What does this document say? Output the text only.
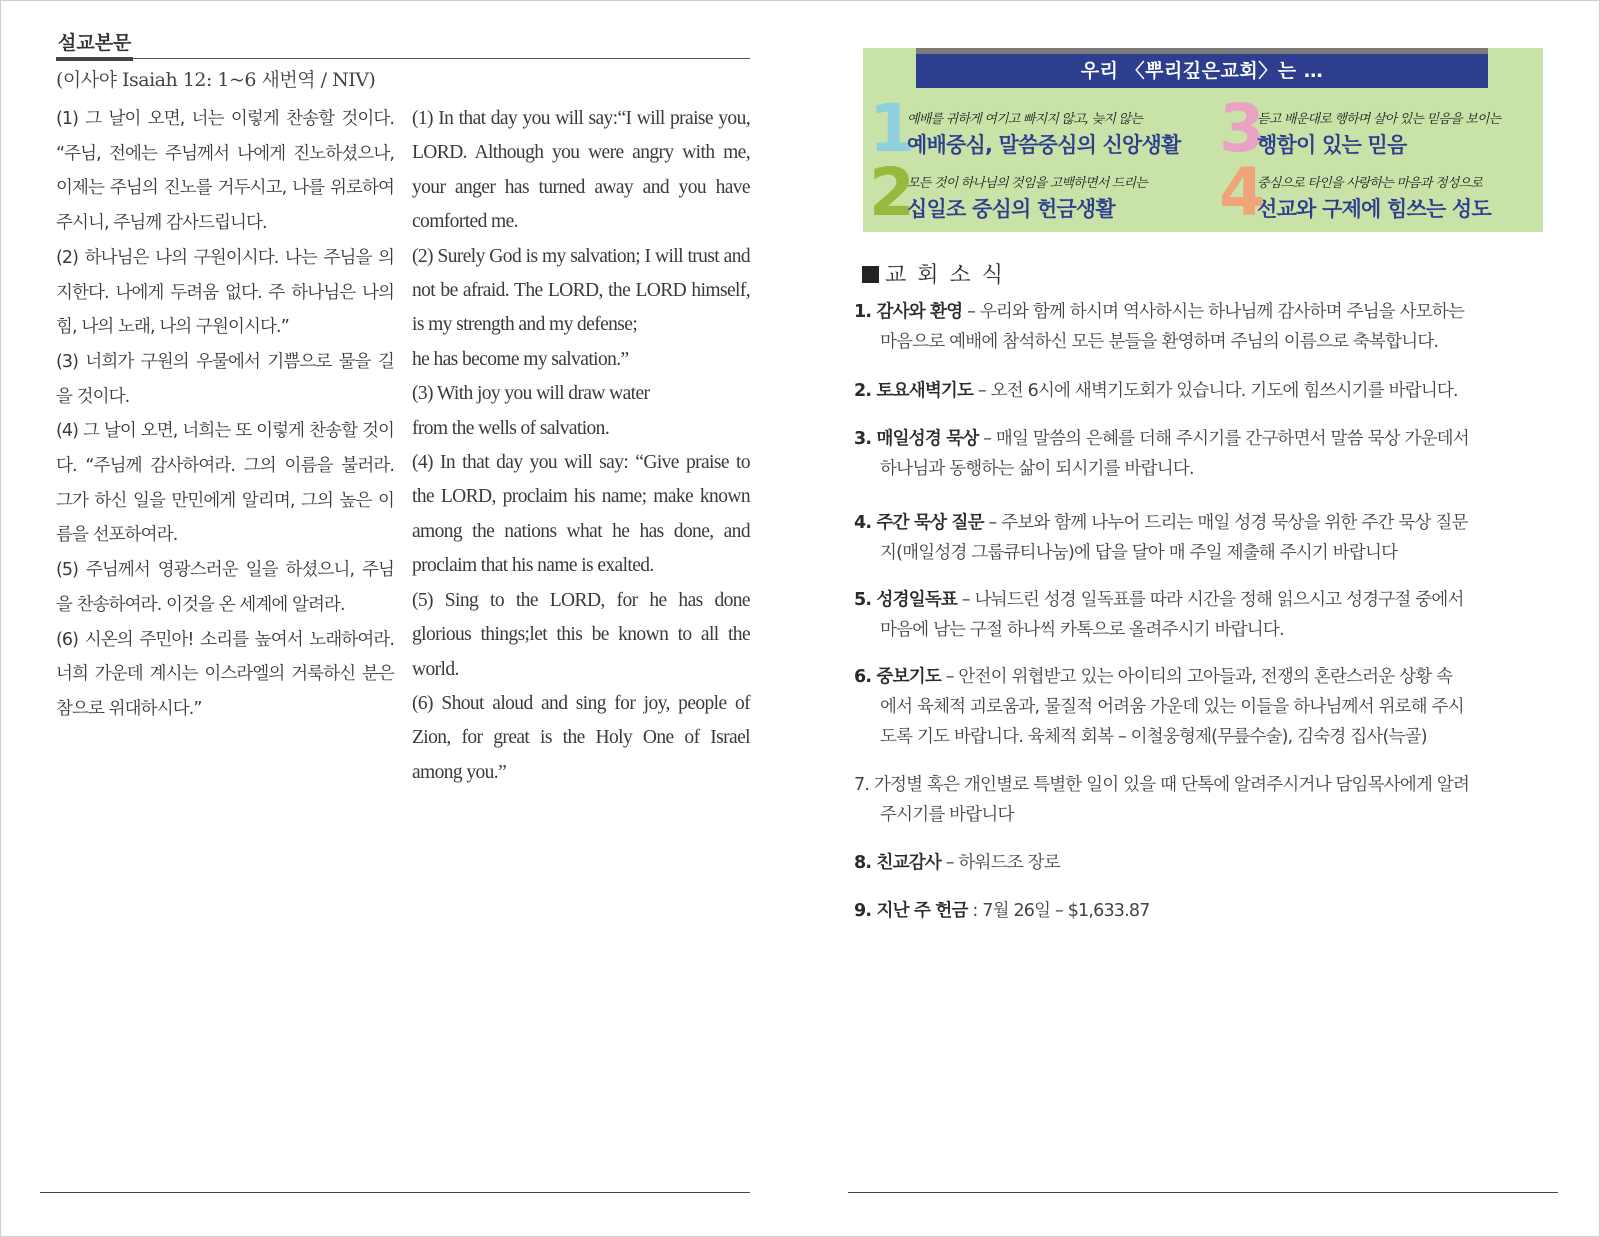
설교본문
(이사야 Isaiah 12: 1~6 새번역 / NIV)

(1) 그 날이 오면, 너는 이렇게 찬송할 것이다. “주님, 전에는 주님께서 나에게 진노하셨으나, 이제는 주님의 진노를 거두시고, 나를 위로하여 주시니, 주님께 감사드립니다.

(2) 하나님은 나의 구원이시다. 나는 주님을 의지한다. 나에게 두려움 없다. 주 하나님은 나의 힘, 나의 노래, 나의 구원이시다.”

(3) 너희가 구원의 우물에서 기쁨으로 물을 길을 것이다.

(4) 그 날이 오면, 너희는 또 이렇게 찬송할 것이다. “주님께 감사하여라. 그의 이름을 불러라. 그가 하신 일을 만민에게 알리며, 그의 높은 이름을 선포하여라.

(5) 주님께서 영광스러운 일을 하셨으니, 주님을 찬송하여라. 이것을 온 세계에 알려라.

(6) 시온의 주민아! 소리를 높여서 노래하여라. 너희 가운데 계시는 이스라엘의 거룩하신 분은 참으로 위대하시다.”

(1) In that day you will say:“I will praise you, LORD. Although you were angry with me, your anger has turned away and you have comforted me.

(2) Surely God is my salvation; I will trust and not be afraid. The LORD, the LORD himself, is my strength and my defense;

he has become my salvation.”

(3) With joy you will draw water

from the wells of salvation.

(4) In that day you will say: “Give praise to the LORD, proclaim his name; make known among the nations what he has done, and proclaim that his name is exalted.

(5) Sing to the LORD, for he has done glorious things;let this be known to all the world.

(6) Shout aloud and sing for joy, people of Zion, for great is the Holy One of Israel among you.”

우리 〈뿌리깊은교회〉는 …
1
예배를 귀하게 여기고 빠지지 않고, 늦지 않는
예배중심, 말씀중심의 신앙생활
2
모든 것이 하나님의 것임을 고백하면서 드리는
십일조 중심의 헌금생활
3
듣고 배운대로 행하며 살아 있는 믿음을 보이는
행함이 있는 믿음
4
중심으로 타인을 사랑하는 마음과 정성으로
선교와 구제에 힘쓰는 성도
교 회 소 식
1. 감사와 환영 – 우리와 함께 하시며 역사하시는 하나님께 감사하며 주님을 사모하는
마음으로 예배에 참석하신 모든 분들을 환영하며 주님의 이름으로 축복합니다.
2. 토요새벽기도 – 오전 6시에 새벽기도회가 있습니다. 기도에 힘쓰시기를 바랍니다.
3. 매일성경 묵상 – 매일 말씀의 은혜를 더해 주시기를 간구하면서 말씀 묵상 가운데서
하나님과 동행하는 삶이 되시기를 바랍니다.
4. 주간 묵상 질문 – 주보와 함께 나누어 드리는 매일 성경 묵상을 위한 주간 묵상 질문
지(매일성경 그룹큐티나눔)에 답을 달아 매 주일 제출해 주시기 바랍니다
5. 성경일독표 – 나눠드린 성경 일독표를 따라 시간을 정해 읽으시고 성경구절 중에서
마음에 남는 구절 하나씩 카톡으로 올려주시기 바랍니다.
6. 중보기도 – 안전이 위협받고 있는 아이티의 고아들과, 전쟁의 혼란스러운 상황 속
에서 육체적 괴로움과, 물질적 어려움 가운데 있는 이들을 하나님께서 위로해 주시
도록 기도 바랍니다. 육체적 회복 – 이철웅형제(무릎수술), 김숙경 집사(늑골)
7. 가정별 혹은 개인별로 특별한 일이 있을 때 단톡에 알려주시거나 담임목사에게 알려
주시기를 바랍니다
8. 친교감사 – 하워드조 장로
9. 지난 주 헌금 : 7월 26일 – $1,633.87
